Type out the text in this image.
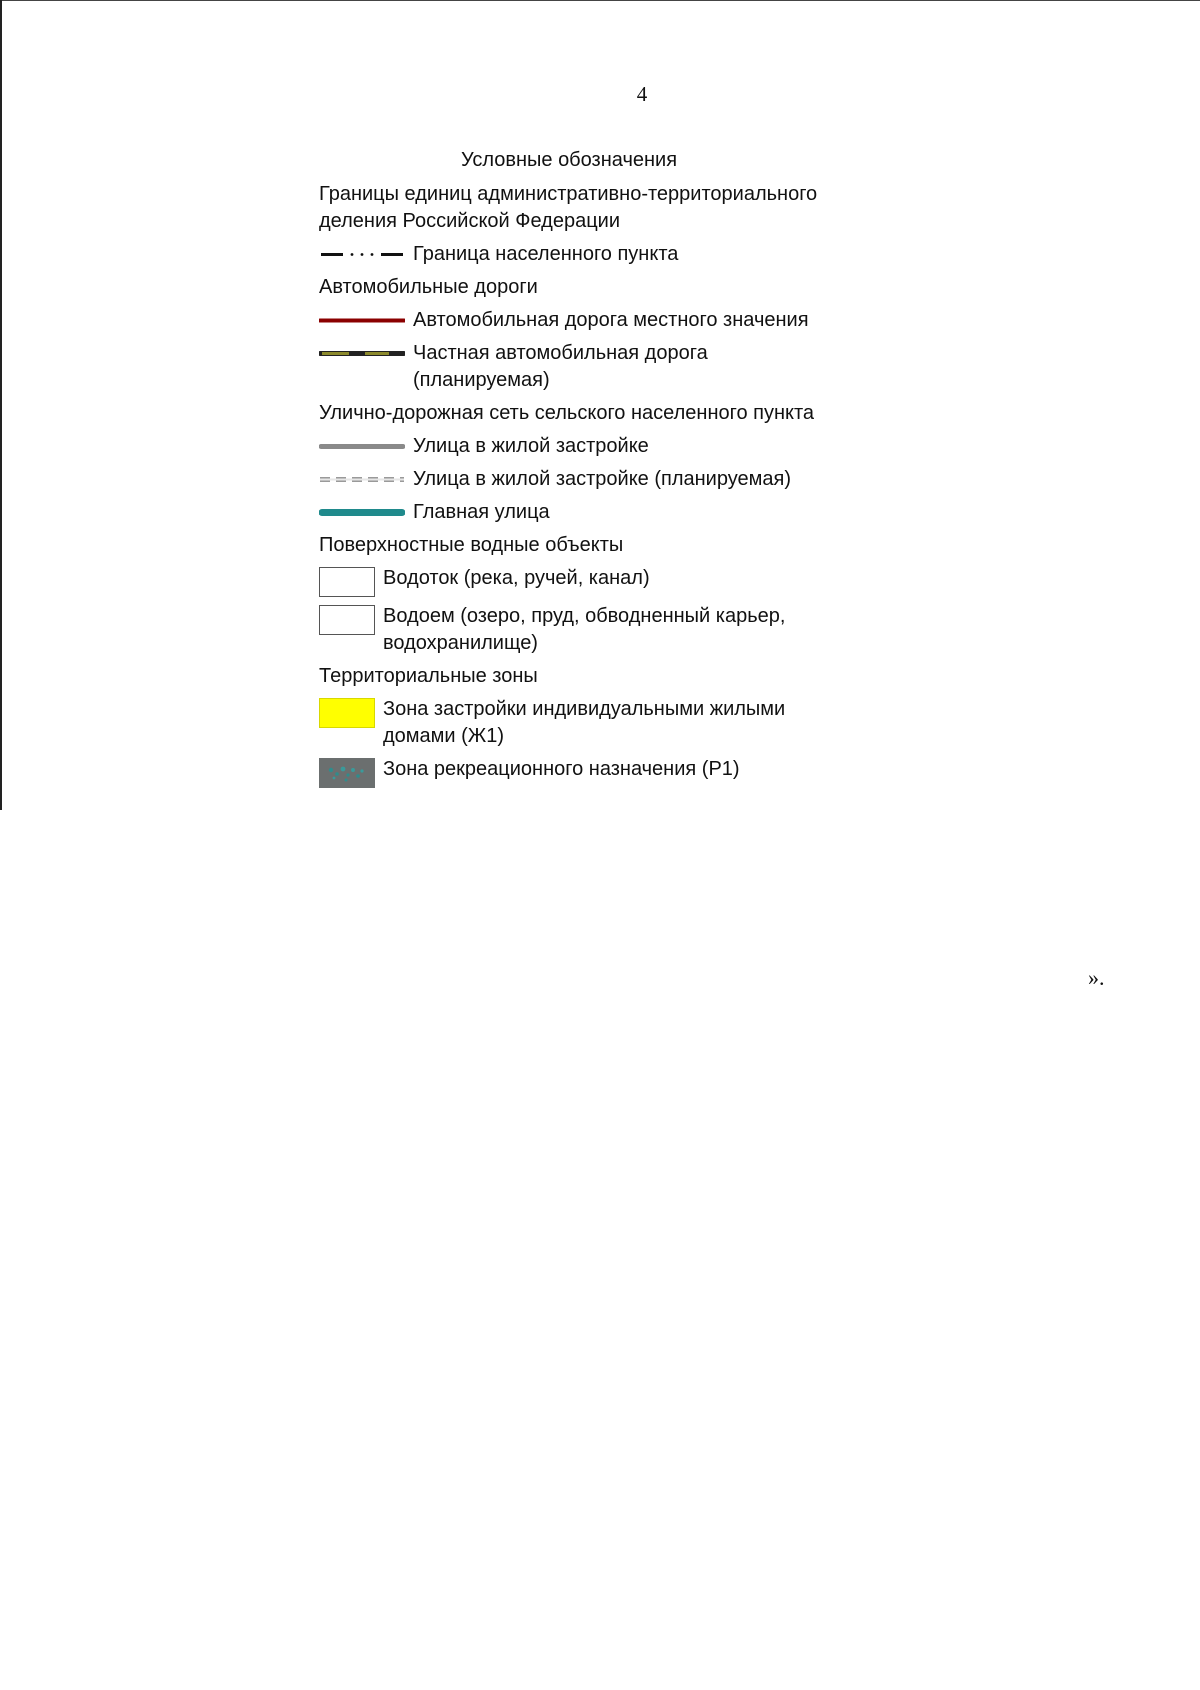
4
Условные обозначения
Границы единиц административно-территориального деления Российской Федерации
Граница населенного пункта
Автомобильные дороги
Автомобильная дорога местного значения
Частная автомобильная дорога (планируемая)
Улично-дорожная сеть сельского населенного пункта
Улица в жилой застройке
Улица в жилой застройке (планируемая)
Главная улица
Поверхностные водные объекты
Водоток (река, ручей, канал)
Водоем (озеро, пруд, обводненный карьер, водохранилище)
Территориальные зоны
Зона застройки индивидуальными жилыми домами (Ж1)
Зона рекреационного назначения (Р1)
».
